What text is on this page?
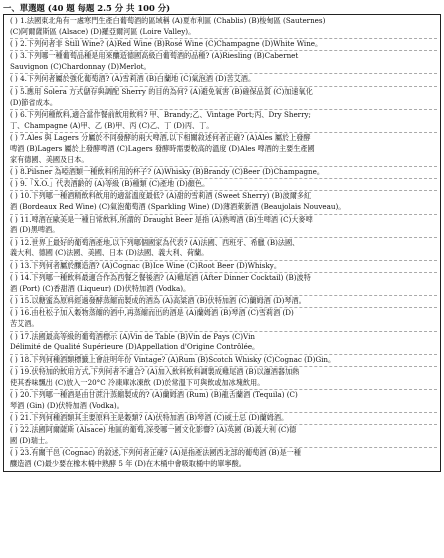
一、單選題 (40 題 每題 2.5 分 共 100 分)
( ) 1.法國東北角有一處寒門生產白葡萄酒的區域稱 (A)夏布利區 (Chablis) (B)梭甸區 (Sauternes)
(C)阿爾薩斯區 (Alsace) (D)羅亞爾河區 (Loire Valley)。
( ) 2.下列何者非 Still Wine? (A)Red Wine (B)Rosé Wine (C)Champagne (D)White Wine。
( ) 3.下列哪一種葡萄品種是用來釀造德國高級白葡萄酒的品種? (A)Riesling (B)Cabernet
Sauvignon (C)Chardonnay (D)Merlot。
( ) 4.下列何者屬於強化葡萄酒? (A)雪莉酒 (B)白蘭地 (C)氣泡酒 (D)苦艾酒。
( ) 5.應用 Solera 方式儲存與調配 Sherry 的目的為何? (A)避免氧害 (B)確保品質 (C)加速氧化
(D)節省成本。
( ) 6.下列何種飲料,適合當作餐前飲用飲料? 甲、Brandy;乙、Vintage Port;丙、Dry Sherry;
丁、Champagne (A)甲、乙 (B)甲、丙 (C)乙、丁 (D)丙、丁。
( ) 7.Ales 與 Lagers 分屬於不同發酵的兩大啤酒,以下相關敘述何者正確? (A)Ales 屬於上發酵
啤酒 (B)Lagers 屬於上發酵啤酒 (C)Lagers 發酵時需要較高的溫度 (D)Ales 啤酒的主要生產國
家有德國、美國及日本。
( ) 8.Pilsner 為啞酒類一種飲料所用的杯子? (A)Whisky (B)Brandy (C)Beer (D)Champagne。
( ) 9.「X.O.」代表酒齡的 (A)等級 (B)種類 (C)產地 (D)顏色。
( ) 10.下列哪一種酒精飲料飲用的適當溫度最低? (A)甜的雪莉酒 (Sweet Sherry) (B)波爾多紅
酒 (Bordeaux Red Wine) (C)氣泡葡萄酒 (Sparkling Wine) (D)薄酒萊新酒 (Beaujolais Nouveau)。
( ) 11.啤酒在歐美是一種日常飲料,所謂的 Draught Beer 是指 (A)熟啤酒 (B)生啤酒 (C)大麥啤
酒 (D)黑啤酒。
( ) 12.世界上最好的葡萄酒產地,以下列哪個國家為代表? (A)法國、西班牙、希臘 (B)法國、
義大利、德國 (C)法國、美國、日本 (D)法國、義大利、荷蘭。
( ) 13.下列何者屬於釀造酒? (A)Cognac (B)Ice Wine (C)Root Beer (D)Whisky。
( ) 14.下列哪一種飲料最適合作為西餐之餐後酒? (A)雞尾酒 (After Dinner Cocktail) (B)波特
酒 (Port) (C)香甜酒 (Liqueur) (D)伏特加酒 (Vodka)。
( ) 15.以糖蜜為原料經過發酵蒸餾而製成的酒為 (A)高粱酒 (B)伏特加酒 (C)蘭姆酒 (D)琴酒。
( ) 16.由杜松子加入穀物蒸餾的酒中,再蒸餾而出的酒是 (A)蘭姆酒 (B)琴酒 (C)雪莉酒 (D)
苦艾酒。
( ) 17.法國最高等級的葡萄酒標示 (A)Vin de Table (B)Vin de Pays (C)Vin
Délimité de Qualité Supérieure (D)Appellation d'Origine Contrôlée。
( ) 18.下列何種酒類標籤上會註明年份 Vintage? (A)Rum (B)Scotch Whisky (C)Cognac (D)Gin。
( ) 19.伏特加的飲用方式,下列何者不適合? (A)加入飲料飲料調製成雞尾酒 (B)以濾酒器加熱
使其香味飄出 (C)放入一20°C 冷凍庫冰凍飲 (D)於常溫下可與飲或加冰塊飲用。
( ) 20.下列哪一種酒是由甘蔗汁蒸餾製成的? (A)蘭姆酒 (Rum) (B)龍舌蘭酒 (Tequila) (C)
琴酒 (Gin) (D)伏特加酒 (Vodka)。
( ) 21.下列何種酒類其主要原料主是穀類? (A)伏特加酒 (B)琴酒 (C)威士忌 (D)蘭姆酒。
( ) 22.法國阿爾薩斯 (Alsace) 地區的葡萄,深受哪一國文化影響? (A)英國 (B)義大利 (C)德
國 (D)瑞士。
( ) 23.有關干邑 (Cognac) 的敘述,下列何者正確? (A)是指產法國西北部的葡萄酒 (B)是一種
釀造酒 (C)最少要在橡木桶中熟酵 5 年 (D)在木桶中會吸取桶中的單寧酸。
